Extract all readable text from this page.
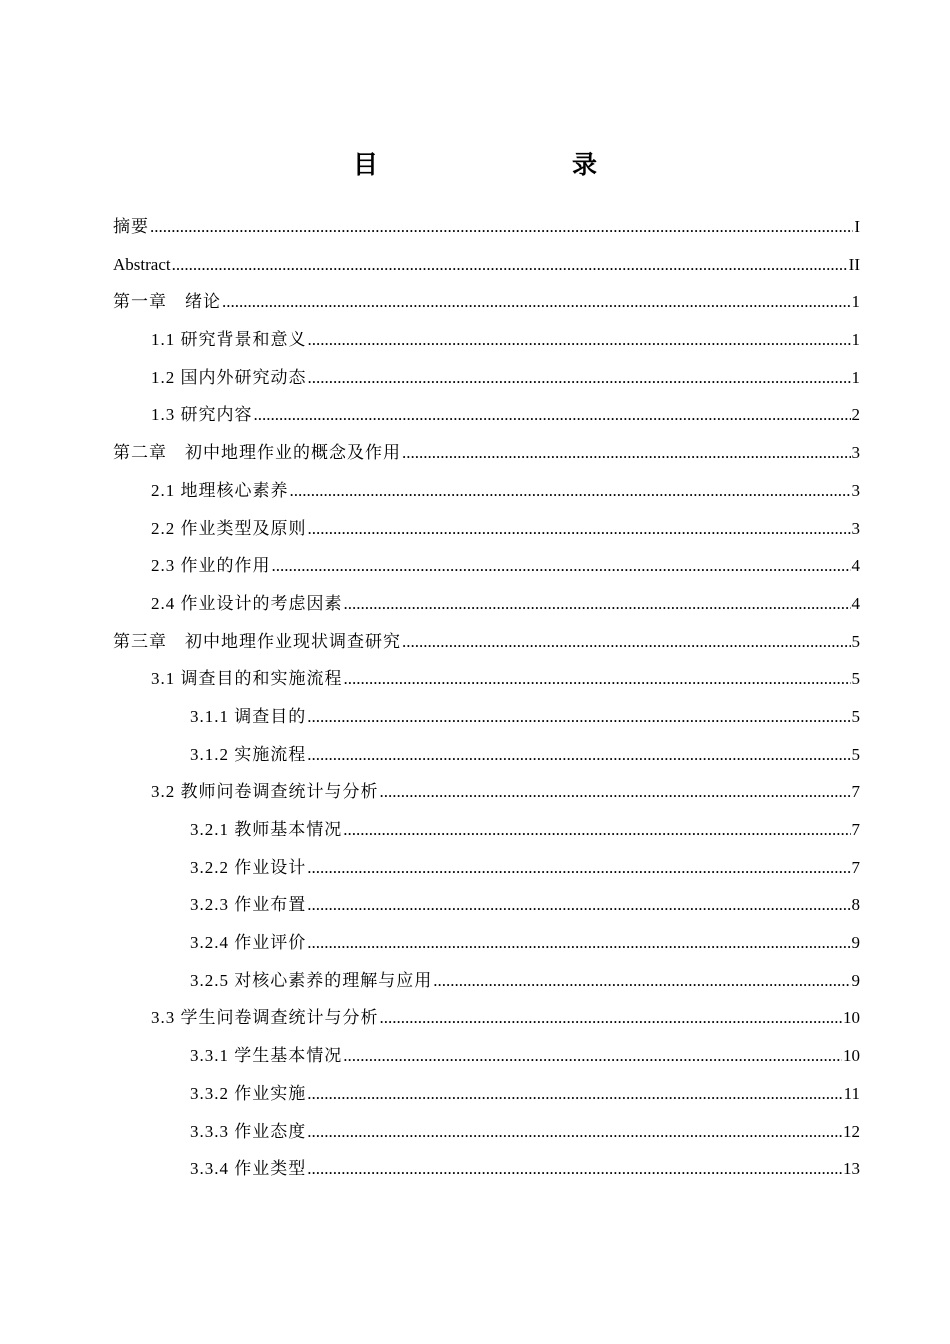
目　　录
摘要 .....	I
Abstract .....	II
第一章　绪论 .....	1
1.1 研究背景和意义 .....	1
1.2 国内外研究动态 .....	1
1.3 研究内容 .....	2
第二章　初中地理作业的概念及作用 .....	3
2.1 地理核心素养 .....	3
2.2 作业类型及原则 .....	3
2.3 作业的作用 .....	4
2.4 作业设计的考虑因素 .....	4
第三章　初中地理作业现状调查研究 .....	5
3.1 调查目的和实施流程 .....	5
3.1.1 调查目的 .....	5
3.1.2 实施流程 .....	5
3.2 教师问卷调查统计与分析 .....	7
3.2.1 教师基本情况 .....	7
3.2.2 作业设计 .....	7
3.2.3 作业布置 .....	8
3.2.4 作业评价 .....	9
3.2.5 对核心素养的理解与应用 .....	9
3.3 学生问卷调查统计与分析 .....	10
3.3.1 学生基本情况 .....	10
3.3.2 作业实施 .....	11
3.3.3 作业态度 .....	12
3.3.4 作业类型 .....	13
